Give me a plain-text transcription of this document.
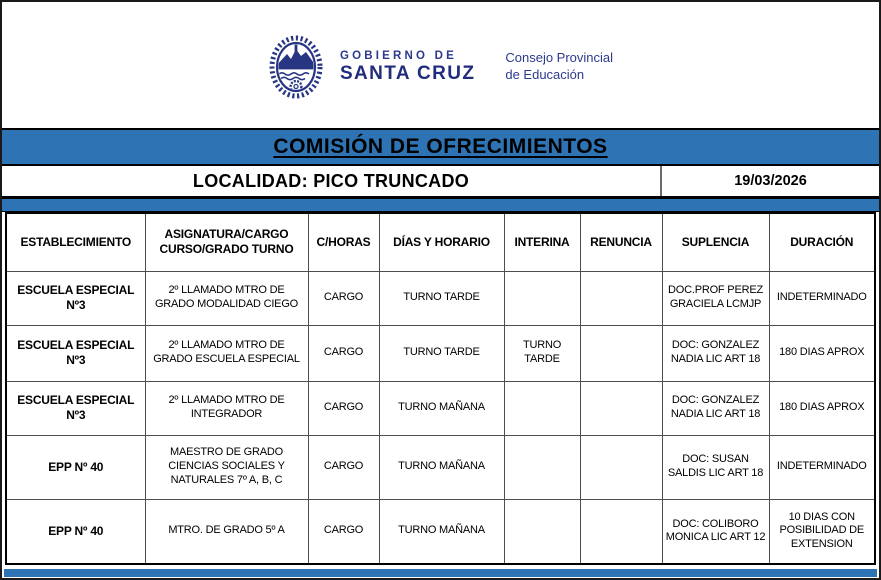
GOBIERNO DE
SANTA CRUZ
Consejo Provincial
de Educación
COMISIÓN DE OFRECIMIENTOS
LOCALIDAD: PICO TRUNCADO	19/03/2026
ESTABLECIMIENTO	ASIGNATURA/CARGO CURSO/GRADO TURNO	C/HORAS	DÍAS Y HORARIO	INTERINA	RENUNCIA	SUPLENCIA	DURACIÓN
ESCUELA ESPECIAL Nº3	2º LLAMADO MTRO DE GRADO MODALIDAD CIEGO	CARGO	TURNO TARDE			DOC.PROF PEREZ GRACIELA LCMJP	INDETERMINADO
ESCUELA ESPECIAL Nº3	2º LLAMADO MTRO DE GRADO ESCUELA ESPECIAL	CARGO	TURNO TARDE	TURNO TARDE		DOC: GONZALEZ NADIA LIC ART 18	180 DIAS APROX
ESCUELA ESPECIAL Nº3	2º LLAMADO MTRO DE INTEGRADOR	CARGO	TURNO MAÑANA			DOC: GONZALEZ NADIA LIC ART 18	180 DIAS APROX
EPP Nº 40	MAESTRO DE GRADO CIENCIAS SOCIALES Y NATURALES 7º A, B, C	CARGO	TURNO MAÑANA			DOC: SUSAN SALDIS LIC ART 18	INDETERMINADO
EPP Nº 40	MTRO. DE GRADO 5º A	CARGO	TURNO MAÑANA			DOC: COLIBORO MONICA LIC ART 12	10 DIAS CON POSIBILIDAD DE EXTENSION
